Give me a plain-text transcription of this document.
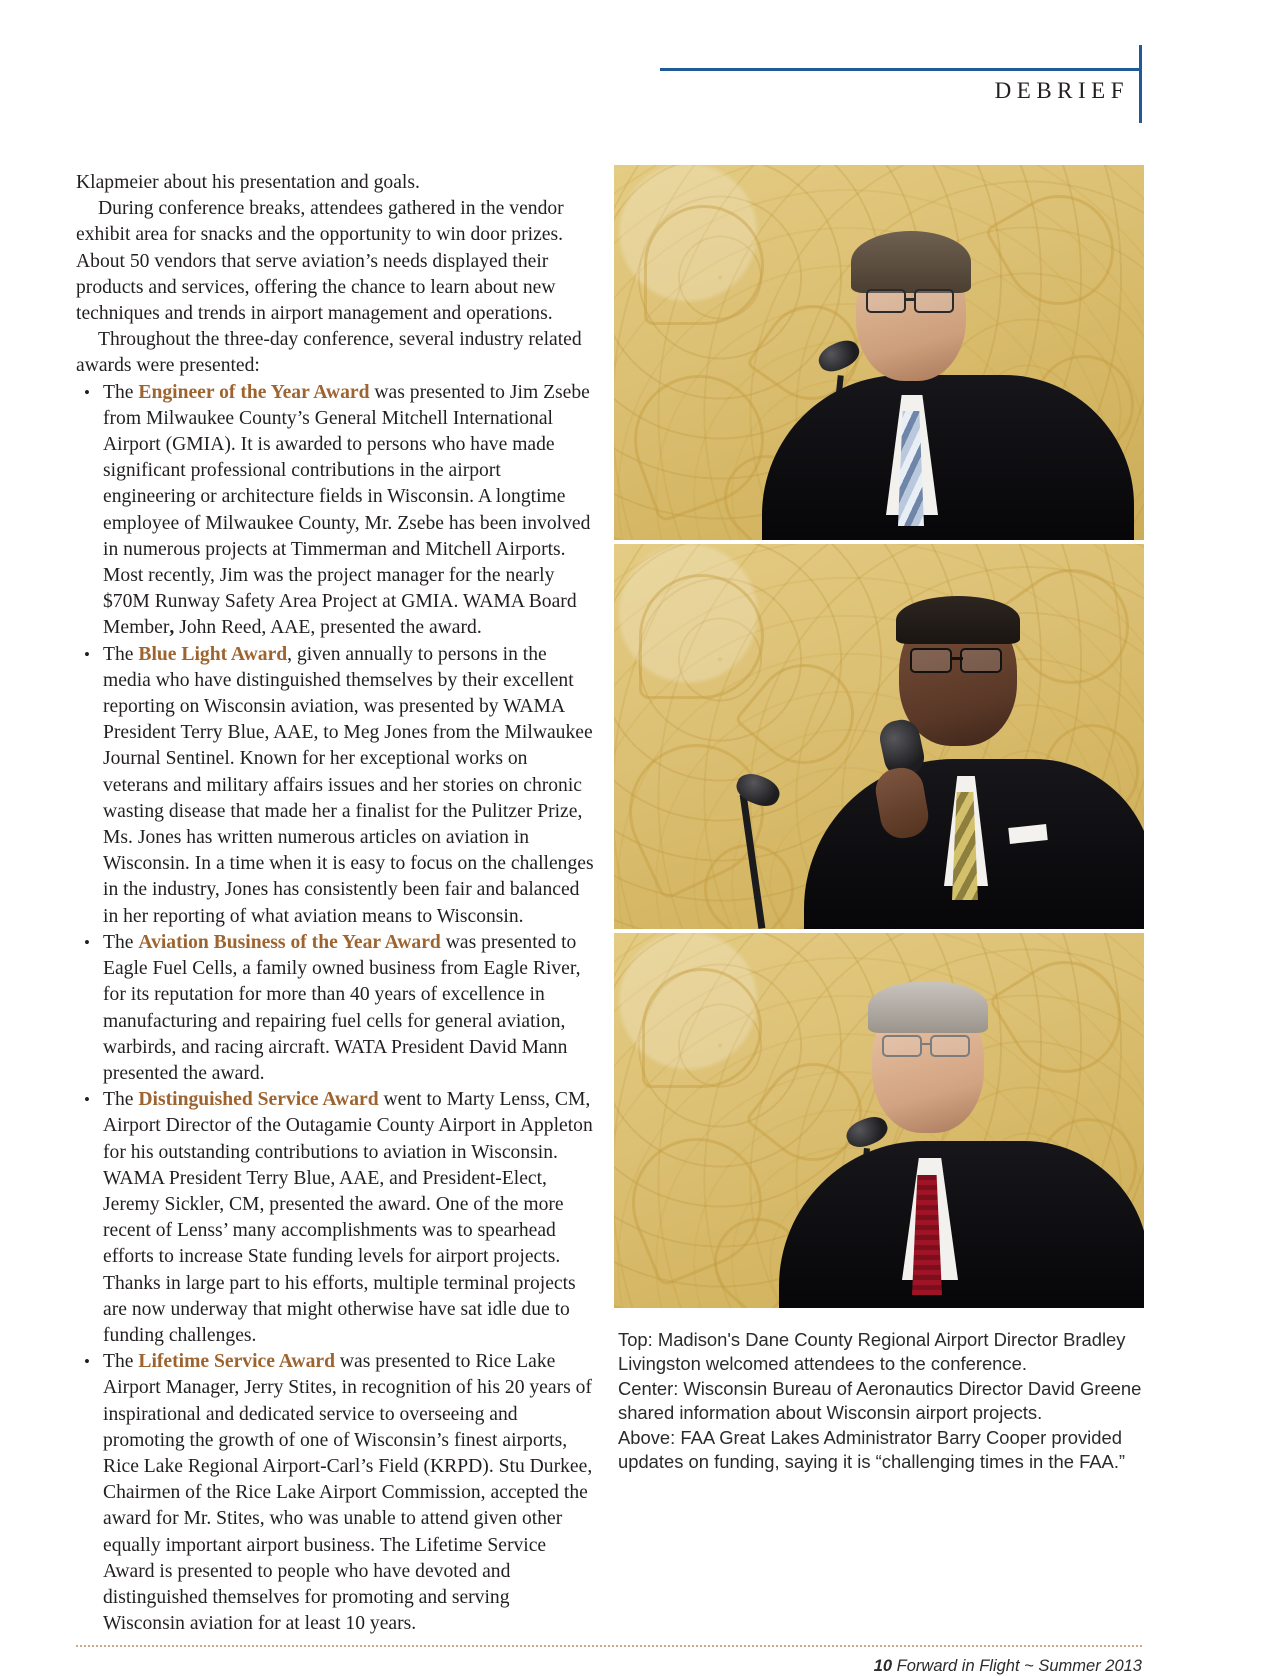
DEBRIEF

Klapmeier about his presentation and goals.

During conference breaks, attendees gathered in the vendor exhibit area for snacks and the opportunity to win door prizes. About 50 vendors that serve aviation’s needs displayed their products and services, offering the chance to learn about new techniques and trends in airport management and operations.

Throughout the three-day conference, several industry related awards were presented:

• The Engineer of the Year Award was presented to Jim Zsebe from Milwaukee County’s General Mitchell International Airport (GMIA). It is awarded to persons who have made significant professional contributions in the airport engineering or architecture fields in Wisconsin. A longtime employee of Milwaukee County, Mr. Zsebe has been involved in numerous projects at Timmerman and Mitchell Airports. Most recently, Jim was the project manager for the nearly $70M Runway Safety Area Project at GMIA. WAMA Board Member, John Reed, AAE, presented the award.
• The Blue Light Award, given annually to persons in the media who have distinguished themselves by their excellent reporting on Wisconsin aviation, was presented by WAMA President Terry Blue, AAE, to Meg Jones from the Milwaukee Journal Sentinel. Known for her exceptional works on veterans and military affairs issues and her stories on chronic wasting disease that made her a finalist for the Pulitzer Prize, Ms. Jones has written numerous articles on aviation in Wisconsin. In a time when it is easy to focus on the challenges in the industry, Jones has consistently been fair and balanced in her reporting of what aviation means to Wisconsin.
• The Aviation Business of the Year Award was presented to Eagle Fuel Cells, a family owned business from Eagle River, for its reputation for more than 40 years of excellence in manufacturing and repairing fuel cells for general aviation, warbirds, and racing aircraft. WATA President David Mann presented the award.
• The Distinguished Service Award went to Marty Lenss, CM, Airport Director of the Outagamie County Airport in Appleton for his outstanding contributions to aviation in Wisconsin. WAMA President Terry Blue, AAE, and President-Elect, Jeremy Sickler, CM, presented the award. One of the more recent of Lenss’ many accomplishments was to spearhead efforts to increase State funding levels for airport projects. Thanks in large part to his efforts, multiple terminal projects are now underway that might otherwise have sat idle due to funding challenges.
• The Lifetime Service Award was presented to Rice Lake Airport Manager, Jerry Stites, in recognition of his 20 years of inspirational and dedicated service to overseeing and promoting the growth of one of Wisconsin’s finest airports, Rice Lake Regional Airport-Carl’s Field (KRPD). Stu Durkee, Chairmen of the Rice Lake Airport Commission, accepted the award for Mr. Stites, who was unable to attend given other equally important airport business. The Lifetime Service Award is presented to people who have devoted and distinguished themselves for promoting and serving Wisconsin aviation for at least 10 years.

Top: Madison's Dane County Regional Airport Director Bradley Livingston welcomed attendees to the conference.

Center: Wisconsin Bureau of Aeronautics Director David Greene shared information about Wisconsin airport projects.

Above: FAA Great Lakes Administrator Barry Cooper provided updates on funding, saying it is “challenging times in the FAA.”

10 Forward in Flight ~ Summer 2013
